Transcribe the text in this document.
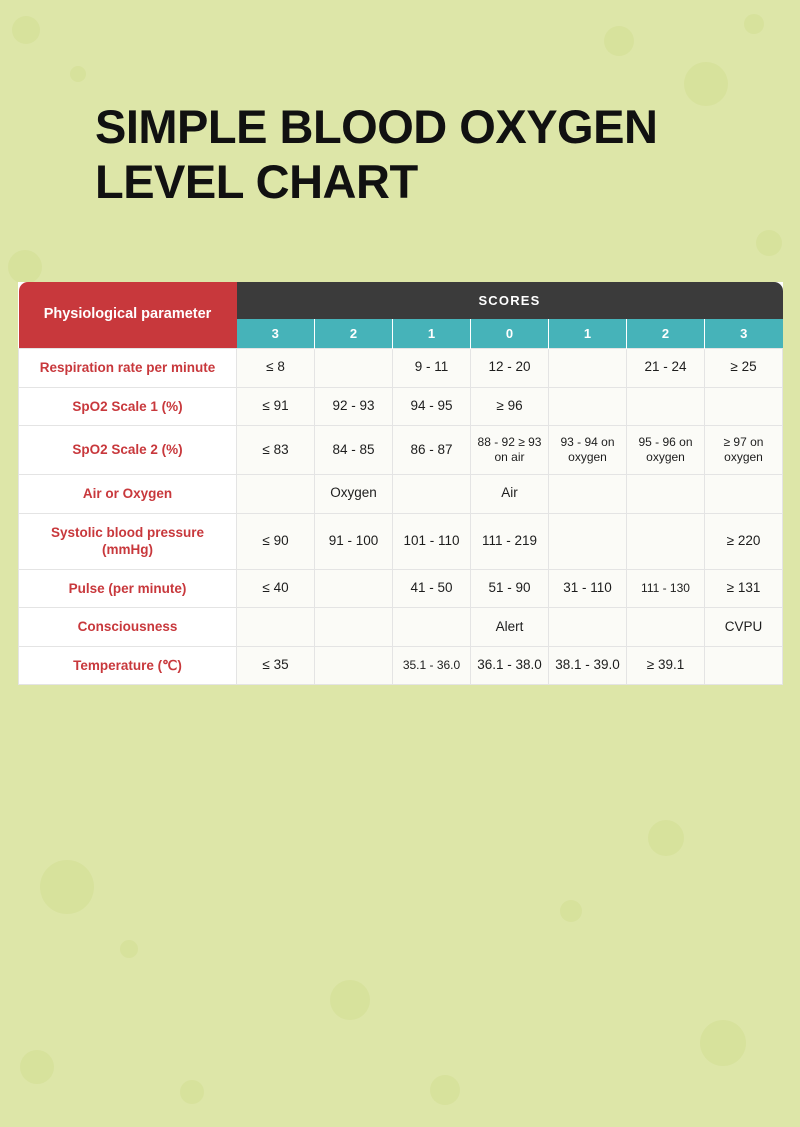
SIMPLE BLOOD OXYGEN LEVEL CHART
Physiological parameter	SCORES						
	3	2	1	0	1	2	3
Respiration rate per minute	≤ 8		9 - 11	12 - 20		21 - 24	≥ 25
SpO2 Scale 1 (%)	≤ 91	92 - 93	94 - 95	≥ 96			
SpO2 Scale 2 (%)	≤ 83	84 - 85	86 - 87	88 - 92 ≥ 93 on air	93 - 94 on oxygen	95 - 96 on oxygen	≥ 97 on oxygen
Air or Oxygen		Oxygen		Air			
Systolic blood pressure (mmHg)	≤ 90	91 - 100	101 - 110	111 - 219			≥ 220
Pulse (per minute)	≤ 40		41 - 50	51 - 90	31 - 110	111 - 130	≥ 131
Consciousness				Alert			CVPU
Temperature (℃)	≤ 35		35.1 - 36.0	36.1 - 38.0	38.1 - 39.0	≥ 39.1	
